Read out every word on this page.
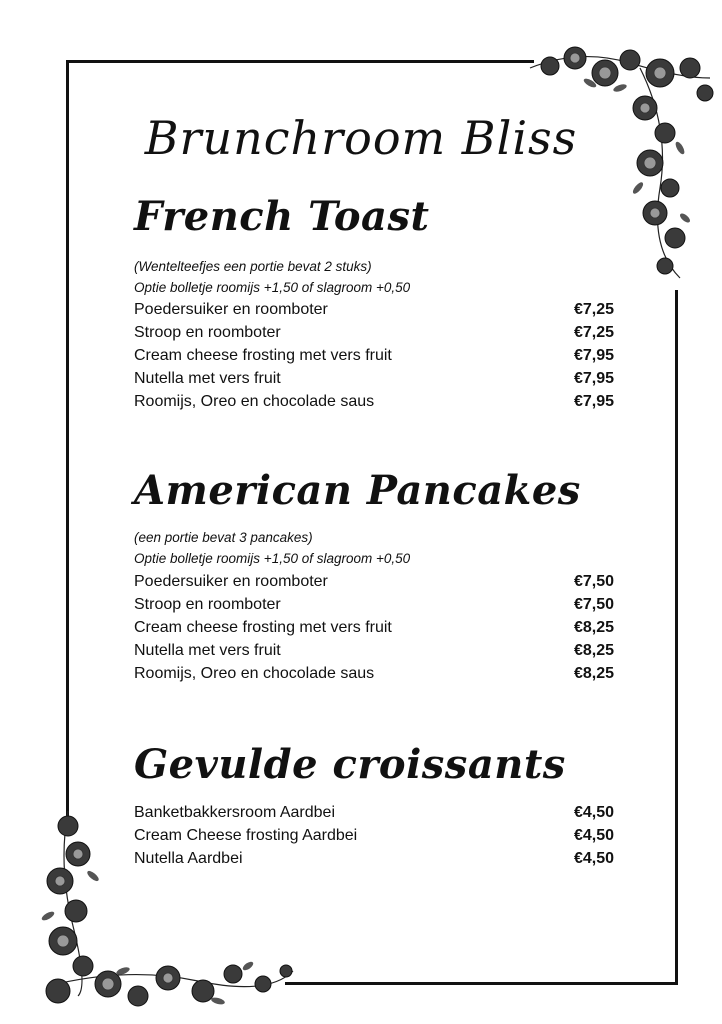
Brunchroom Bliss
French Toast
(Wentelteefjes een portie bevat 2 stuks)
Optie bolletje roomijs +1,50 of slagroom +0,50
Poedersuiker en roomboter	€7,25
Stroop en roomboter	€7,25
Cream cheese frosting met vers fruit	€7,95
Nutella met vers fruit	€7,95
Roomijs, Oreo en chocolade saus	€7,95
American Pancakes
(een portie bevat 3 pancakes)
Optie bolletje roomijs +1,50 of slagroom +0,50
Poedersuiker en roomboter	€7,50
Stroop en roomboter	€7,50
Cream cheese frosting met vers fruit	€8,25
Nutella met vers fruit	€8,25
Roomijs, Oreo en chocolade saus	€8,25
Gevulde croissants
Banketbakkersroom Aardbei	€4,50
Cream Cheese frosting Aardbei	€4,50
Nutella Aardbei	€4,50
